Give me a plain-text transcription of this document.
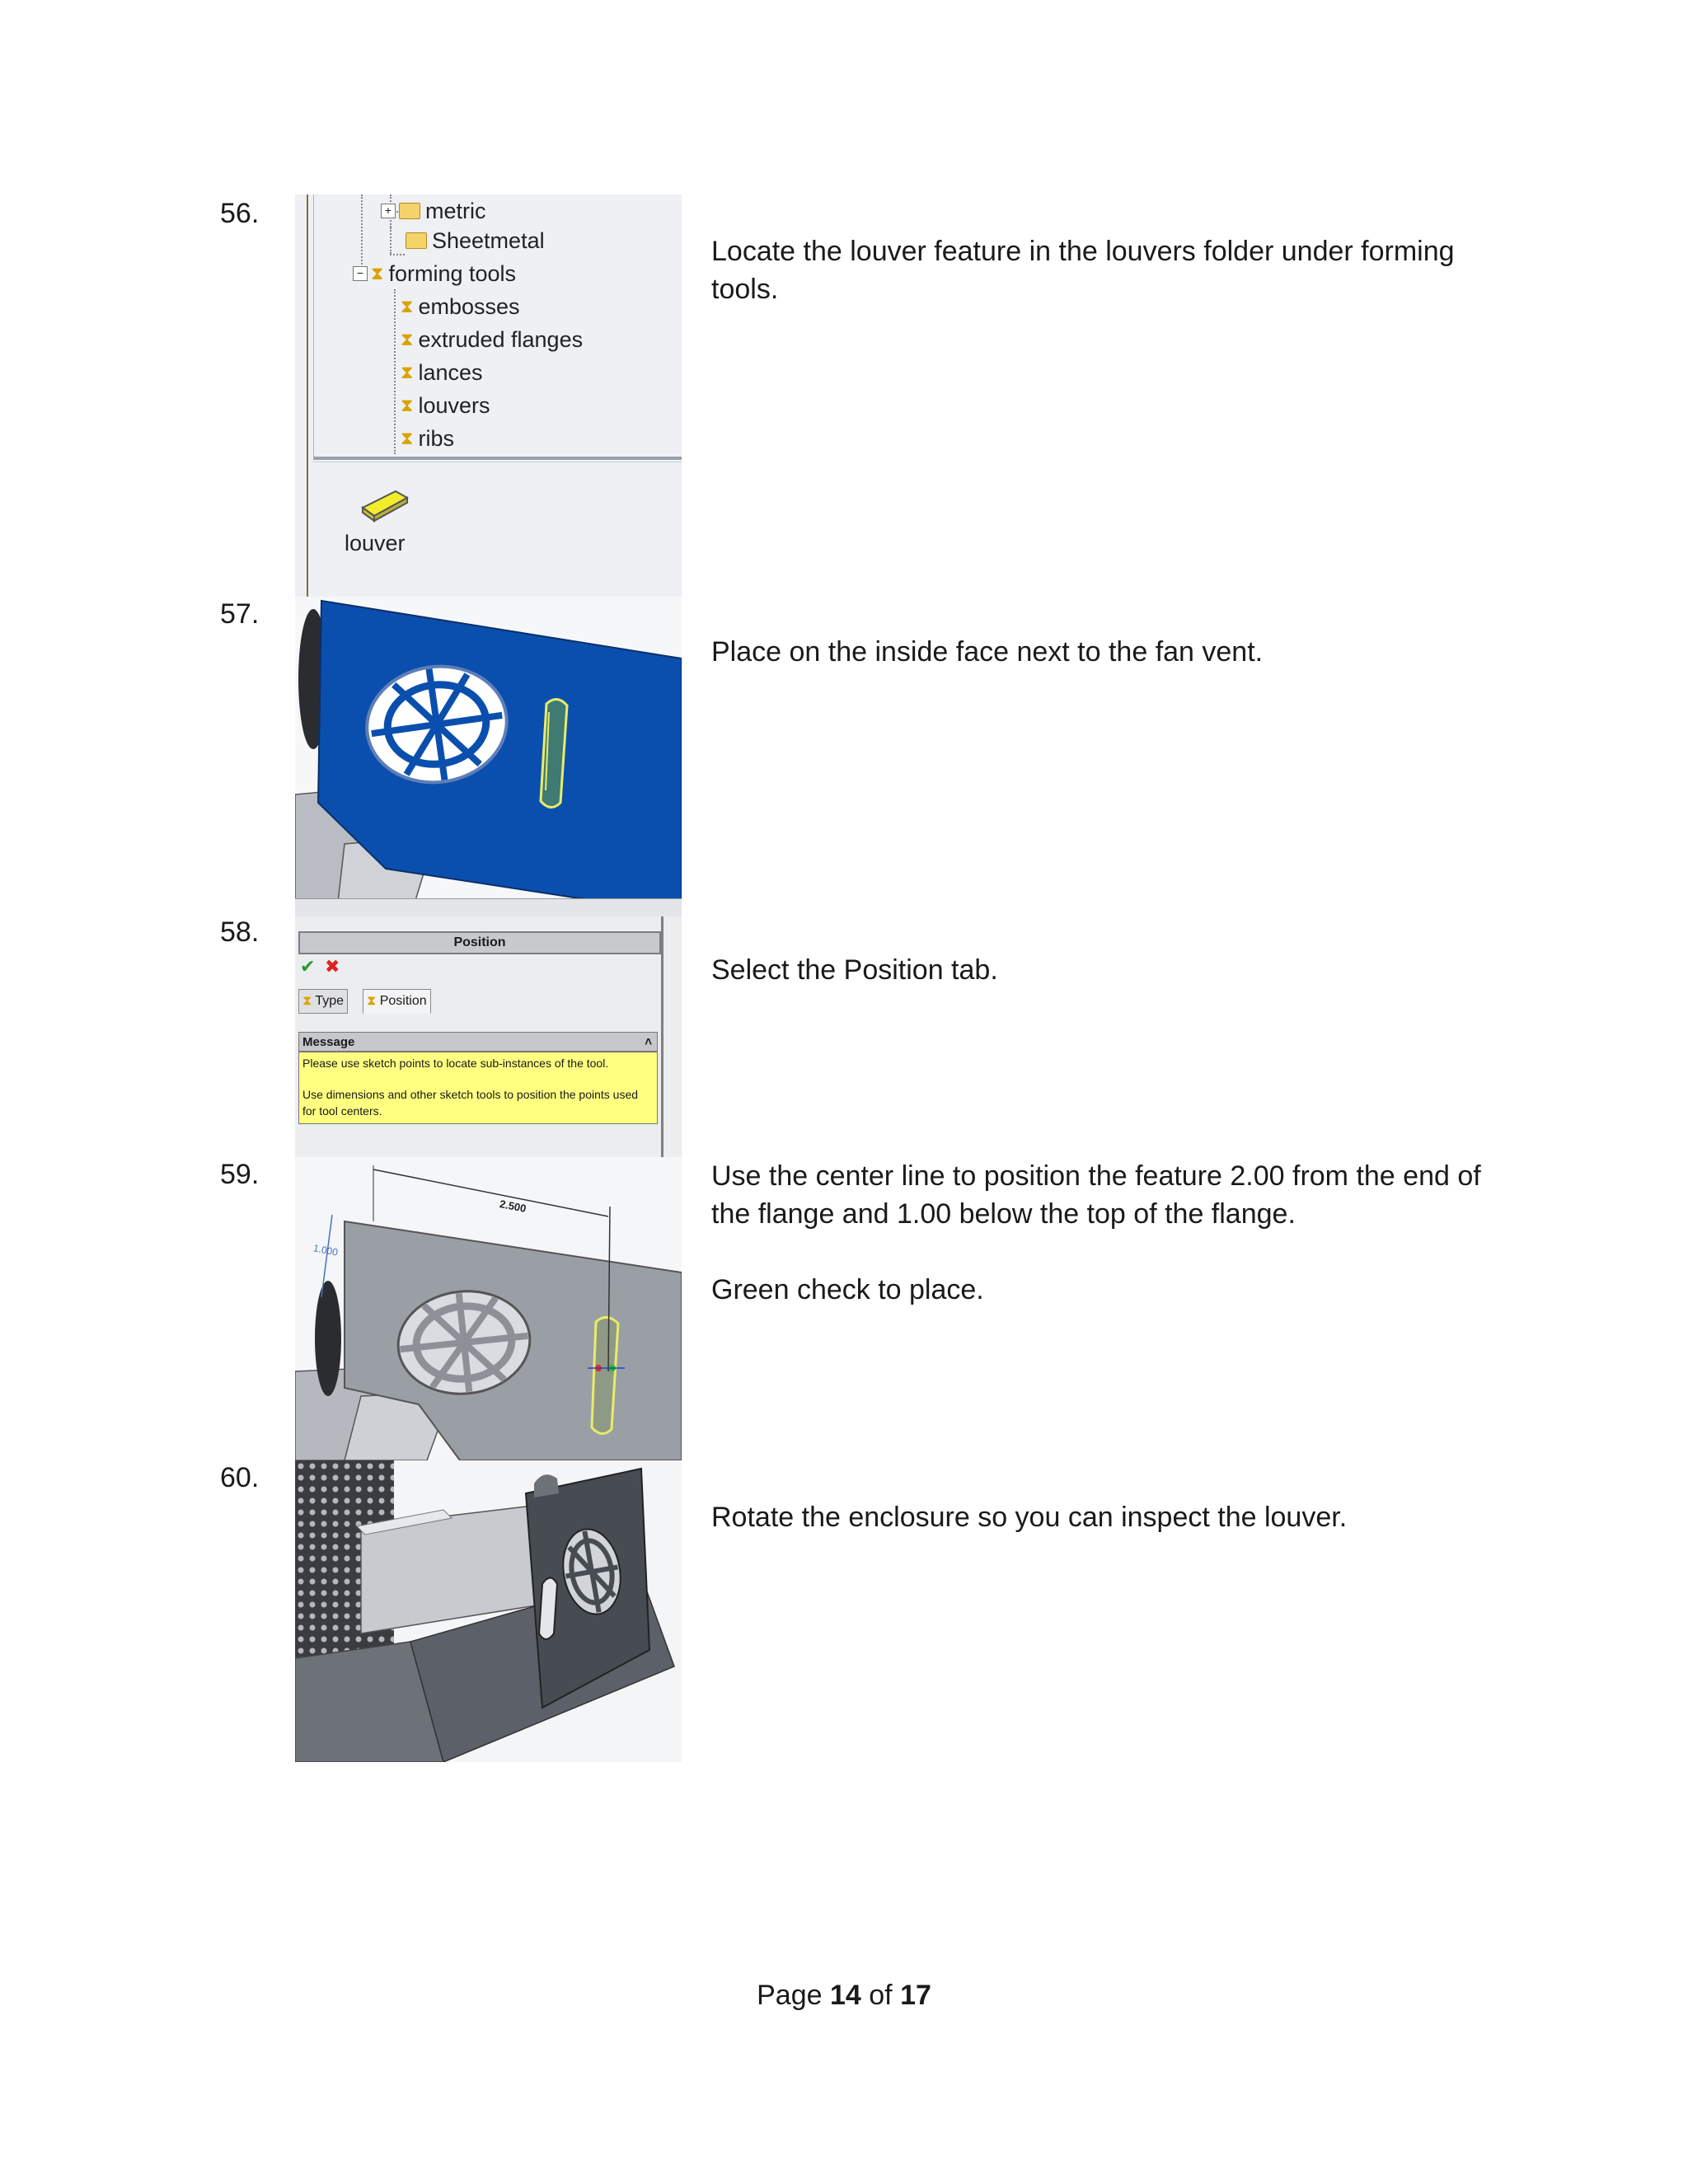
56.
57.
58.
59.
60.
Locate the louver feature in the louvers folder under forming tools.
Place on the inside face next to the fan vent.
Select the Position tab.
Use the center line to position the feature 2.00 from the end of the flange and 1.00 below the top of the flange.
Green check to place.
Rotate the enclosure so you can inspect the louver.
+ metric
Sheetmetal
− ⧗ forming tools
⧗ embosses
⧗ extruded flanges
⧗ lances
⧗ louvers
⧗ ribs
louver
Position
✔ ✖
⧗ Type	⧗ Position
Message	˄
Please use sketch points to locate sub-instances of the tool.
Use dimensions and other sketch tools to position the points used for tool centers.
2.500
1.000
Page 14 of 17
